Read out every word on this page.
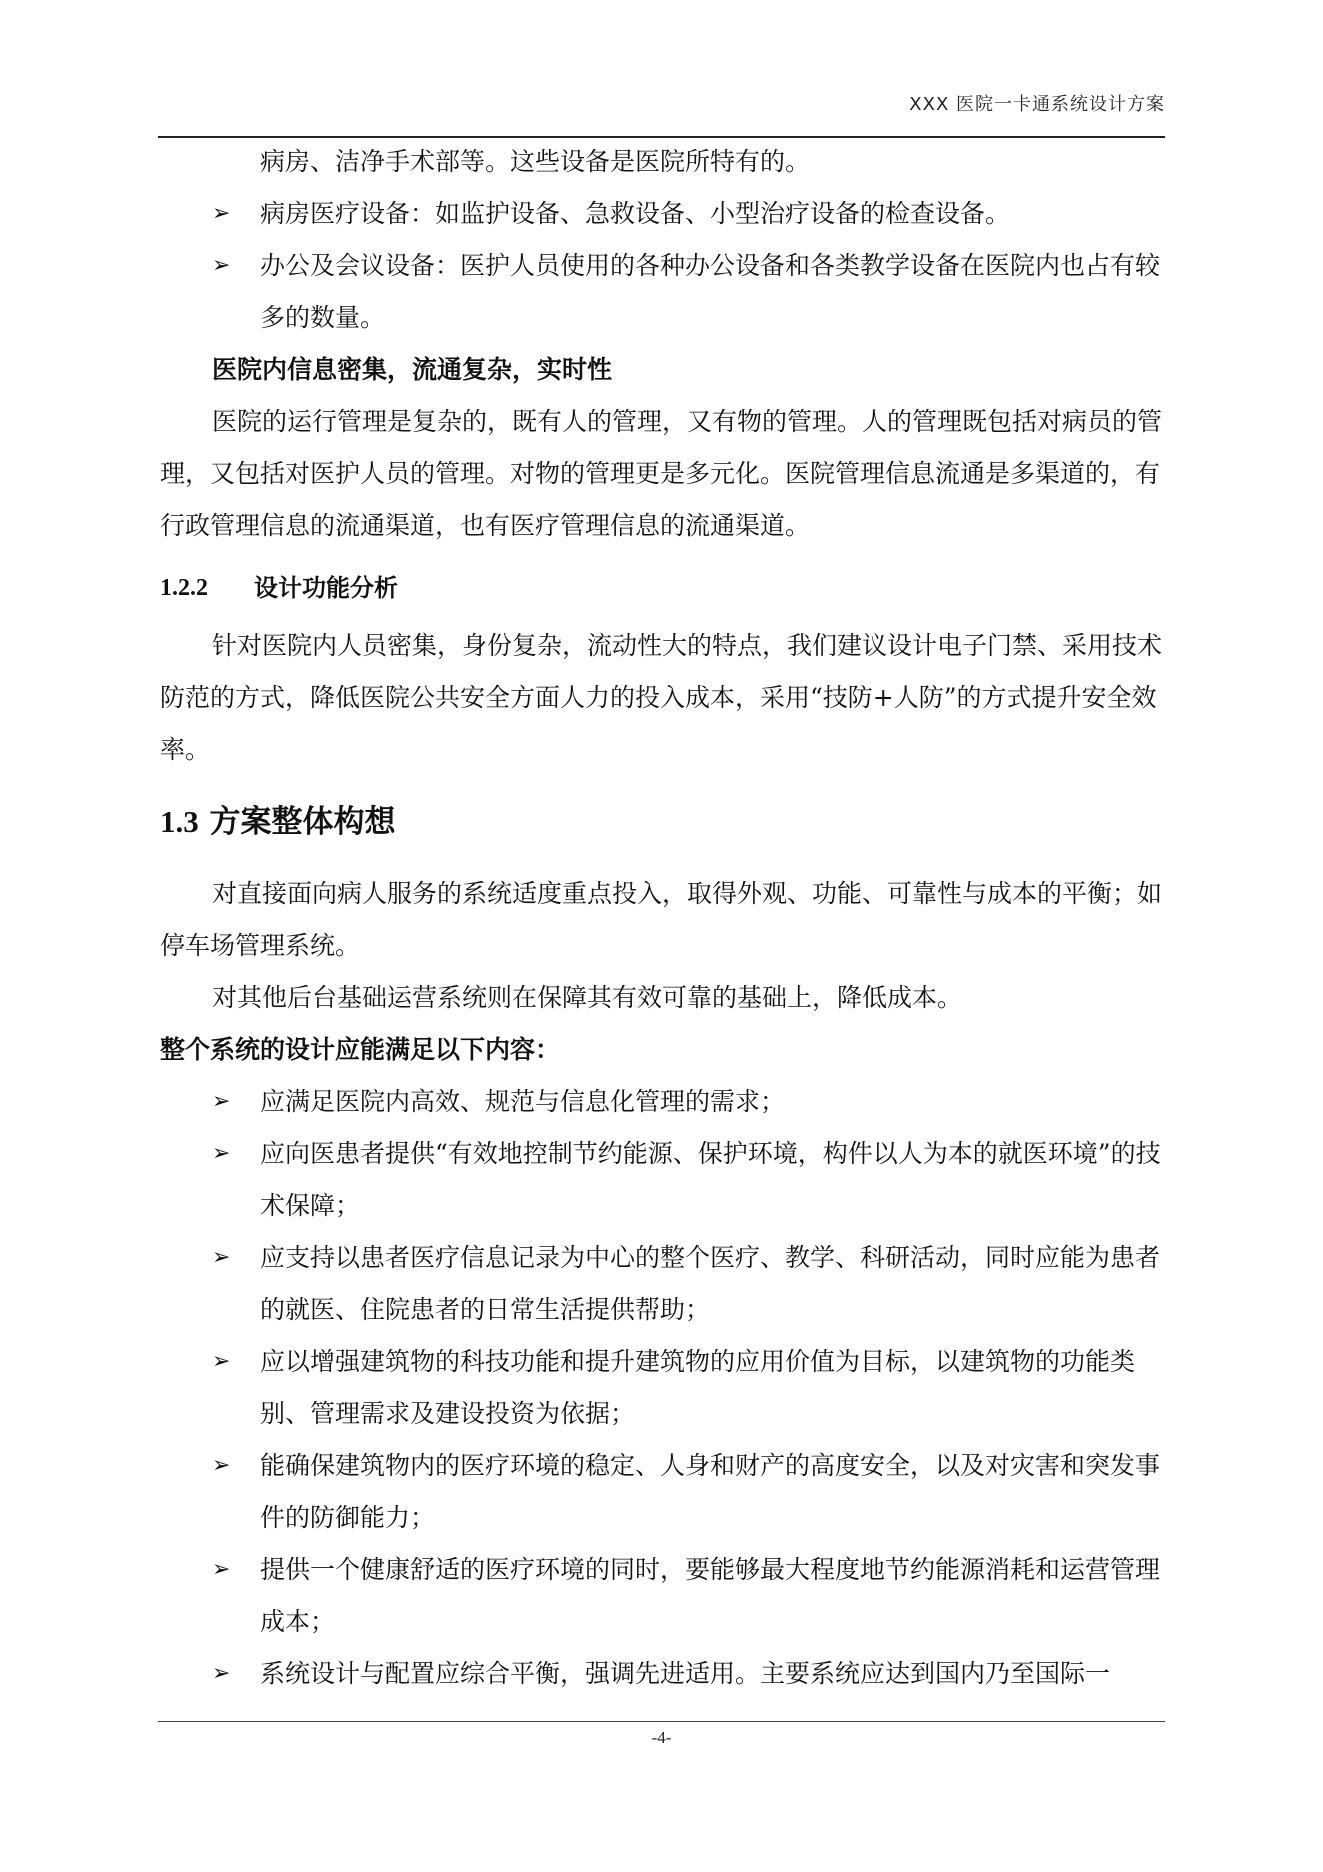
XXX 医院一卡通系统设计方案

病房、洁净手术部等。这些设备是医院所特有的。

➢ 病房医疗设备：如监护设备、急救设备、小型治疗设备的检查设备。

➢ 办公及会议设备：医护人员使用的各种办公设备和各类教学设备在医院内也占有较多的数量。

医院内信息密集，流通复杂，实时性

医院的运行管理是复杂的，既有人的管理，又有物的管理。人的管理既包括对病员的管理，又包括对医护人员的管理。对物的管理更是多元化。医院管理信息流通是多渠道的，有行政管理信息的流通渠道，也有医疗管理信息的流通渠道。

1.2.2	设计功能分析

针对医院内人员密集，身份复杂，流动性大的特点，我们建议设计电子门禁、采用技术防范的方式，降低医院公共安全方面人力的投入成本，采用“技防+人防”的方式提升安全效率。

1.3 方案整体构想

对直接面向病人服务的系统适度重点投入，取得外观、功能、可靠性与成本的平衡；如停车场管理系统。

对其他后台基础运营系统则在保障其有效可靠的基础上，降低成本。

整个系统的设计应能满足以下内容：

➢ 应满足医院内高效、规范与信息化管理的需求；

➢ 应向医患者提供“有效地控制节约能源、保护环境，构件以人为本的就医环境”的技术保障；

➢ 应支持以患者医疗信息记录为中心的整个医疗、教学、科研活动，同时应能为患者的就医、住院患者的日常生活提供帮助；

➢ 应以增强建筑物的科技功能和提升建筑物的应用价值为目标，以建筑物的功能类别、管理需求及建设投资为依据；

➢ 能确保建筑物内的医疗环境的稳定、人身和财产的高度安全，以及对灾害和突发事件的防御能力；

➢ 提供一个健康舒适的医疗环境的同时，要能够最大程度地节约能源消耗和运营管理成本；

➢ 系统设计与配置应综合平衡，强调先进适用。主要系统应达到国内乃至国际一

-4-
